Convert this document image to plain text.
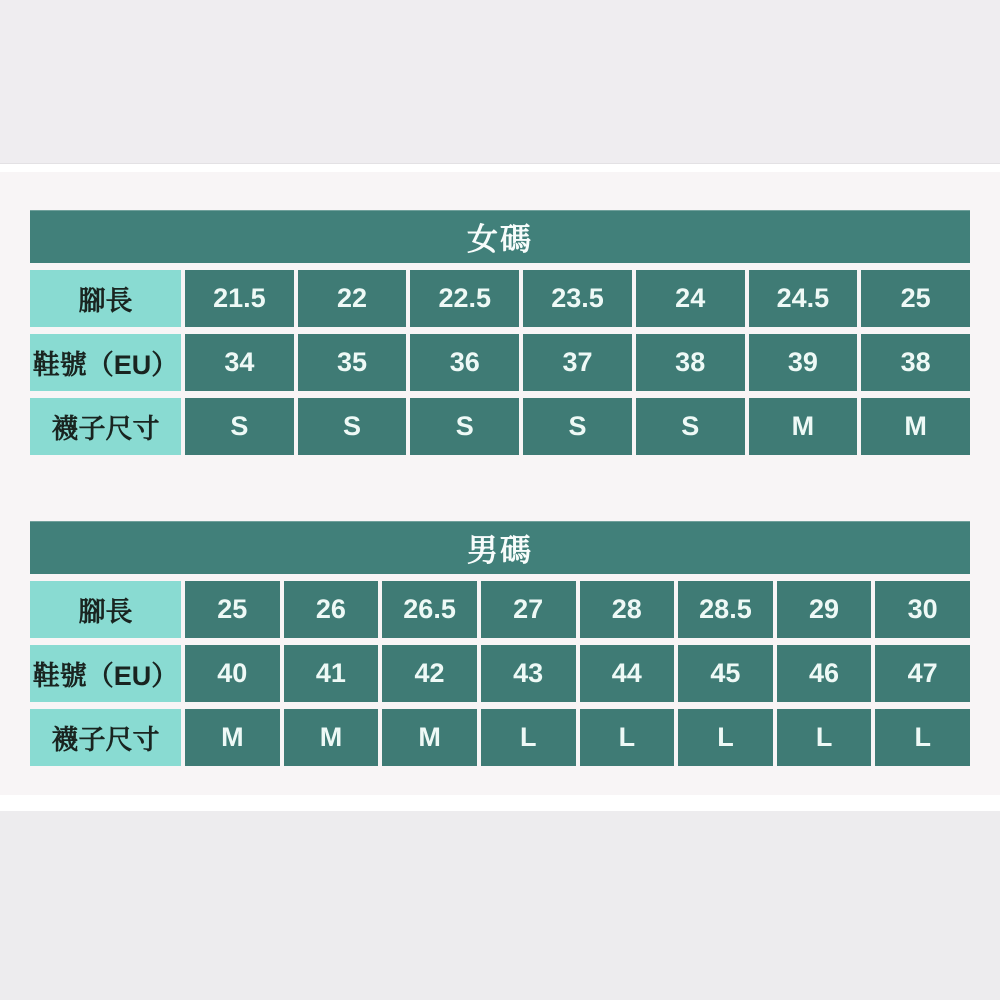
女碼
腳長	21.5	22	22.5	23.5	24	24.5	25
鞋號（EU）	34	35	36	37	38	39	38
襪子尺寸	S	S	S	S	S	M	M
男碼
腳長	25	26	26.5	27	28	28.5	29	30
鞋號（EU）	40	41	42	43	44	45	46	47
襪子尺寸	M	M	M	L	L	L	L	L
